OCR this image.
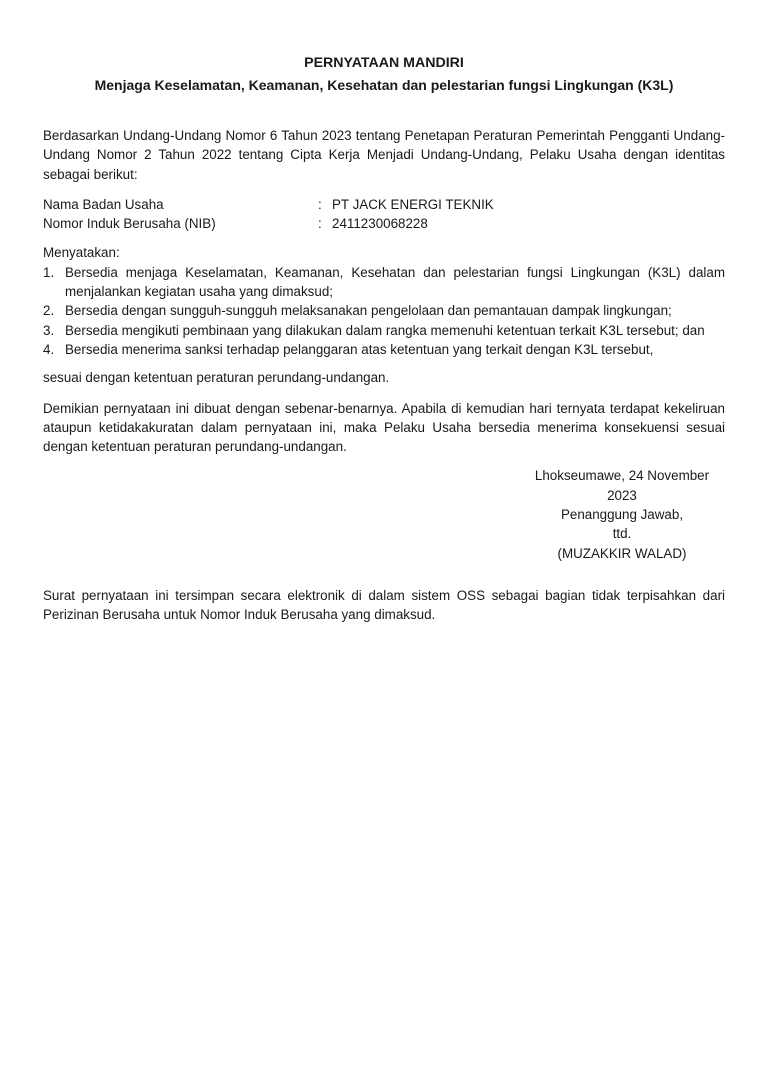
PERNYATAAN MANDIRI
Menjaga Keselamatan, Keamanan, Kesehatan dan pelestarian fungsi Lingkungan (K3L)

Berdasarkan Undang-Undang Nomor 6 Tahun 2023 tentang Penetapan Peraturan Pemerintah Pengganti Undang-Undang Nomor 2 Tahun 2022 tentang Cipta Kerja Menjadi Undang-Undang, Pelaku Usaha dengan identitas sebagai berikut:

Nama Badan Usaha	: PT JACK ENERGI TEKNIK
Nomor Induk Berusaha (NIB)	: 2411230068228

Menyatakan:

1. Bersedia menjaga Keselamatan, Keamanan, Kesehatan dan pelestarian fungsi Lingkungan (K3L) dalam menjalankan kegiatan usaha yang dimaksud;
2. Bersedia dengan sungguh-sungguh melaksanakan pengelolaan dan pemantauan dampak lingkungan;
3. Bersedia mengikuti pembinaan yang dilakukan dalam rangka memenuhi ketentuan terkait K3L tersebut; dan
4. Bersedia menerima sanksi terhadap pelanggaran atas ketentuan yang terkait dengan K3L tersebut,

sesuai dengan ketentuan peraturan perundang-undangan.

Demikian pernyataan ini dibuat dengan sebenar-benarnya. Apabila di kemudian hari ternyata terdapat kekeliruan ataupun ketidakakuratan dalam pernyataan ini, maka Pelaku Usaha bersedia menerima konsekuensi sesuai dengan ketentuan peraturan perundang-undangan.

Lhokseumawe, 24 November
2023
Penanggung Jawab,
ttd.
(MUZAKKIR WALAD)

Surat pernyataan ini tersimpan secara elektronik di dalam sistem OSS sebagai bagian tidak terpisahkan dari Perizinan Berusaha untuk Nomor Induk Berusaha yang dimaksud.
